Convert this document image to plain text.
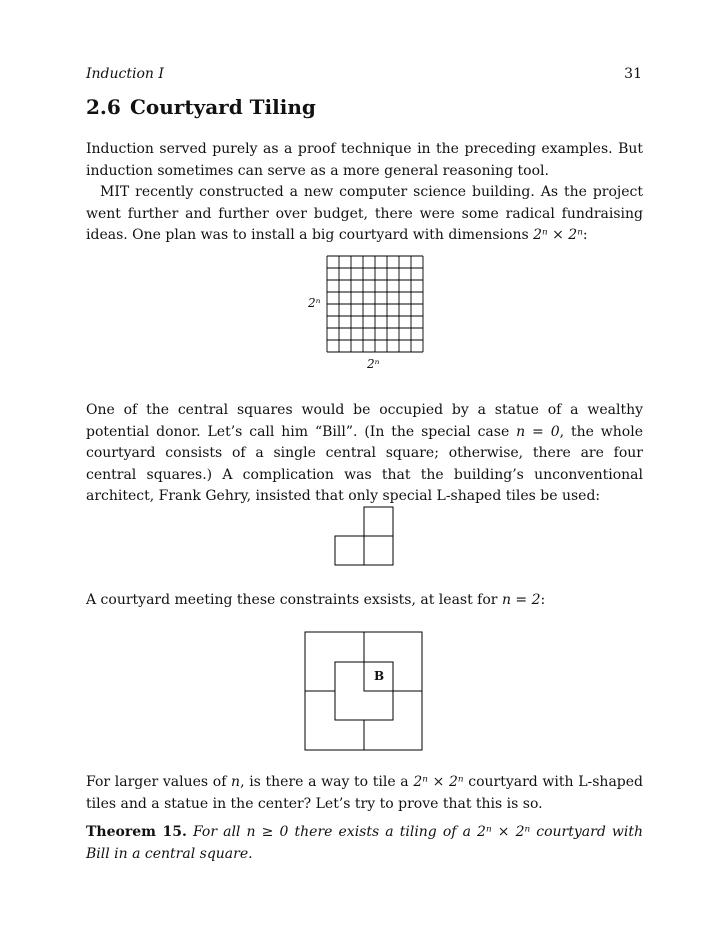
Induction I	31
2.6 Courtyard Tiling

Induction served purely as a proof technique in the preceding examples. But induction sometimes can serve as a more general reasoning tool.

MIT recently constructed a new computer science building. As the project went further and further over budget, there were some radical fundraising ideas. One plan was to install a big courtyard with dimensions 2ⁿ × 2ⁿ:

2ⁿ
2ⁿ
B

One of the central squares would be occupied by a statue of a wealthy potential donor. Let’s call him “Bill”. (In the special case n = 0, the whole courtyard consists of a single central square; otherwise, there are four central squares.) A complication was that the building’s unconventional architect, Frank Gehry, insisted that only special L-shaped tiles be used:

A courtyard meeting these constraints exsists, at least for n = 2:

For larger values of n, is there a way to tile a 2ⁿ × 2ⁿ courtyard with L-shaped tiles and a statue in the center? Let’s try to prove that this is so.

Theorem 15. For all n ≥ 0 there exists a tiling of a 2ⁿ × 2ⁿ courtyard with Bill in a central square.
